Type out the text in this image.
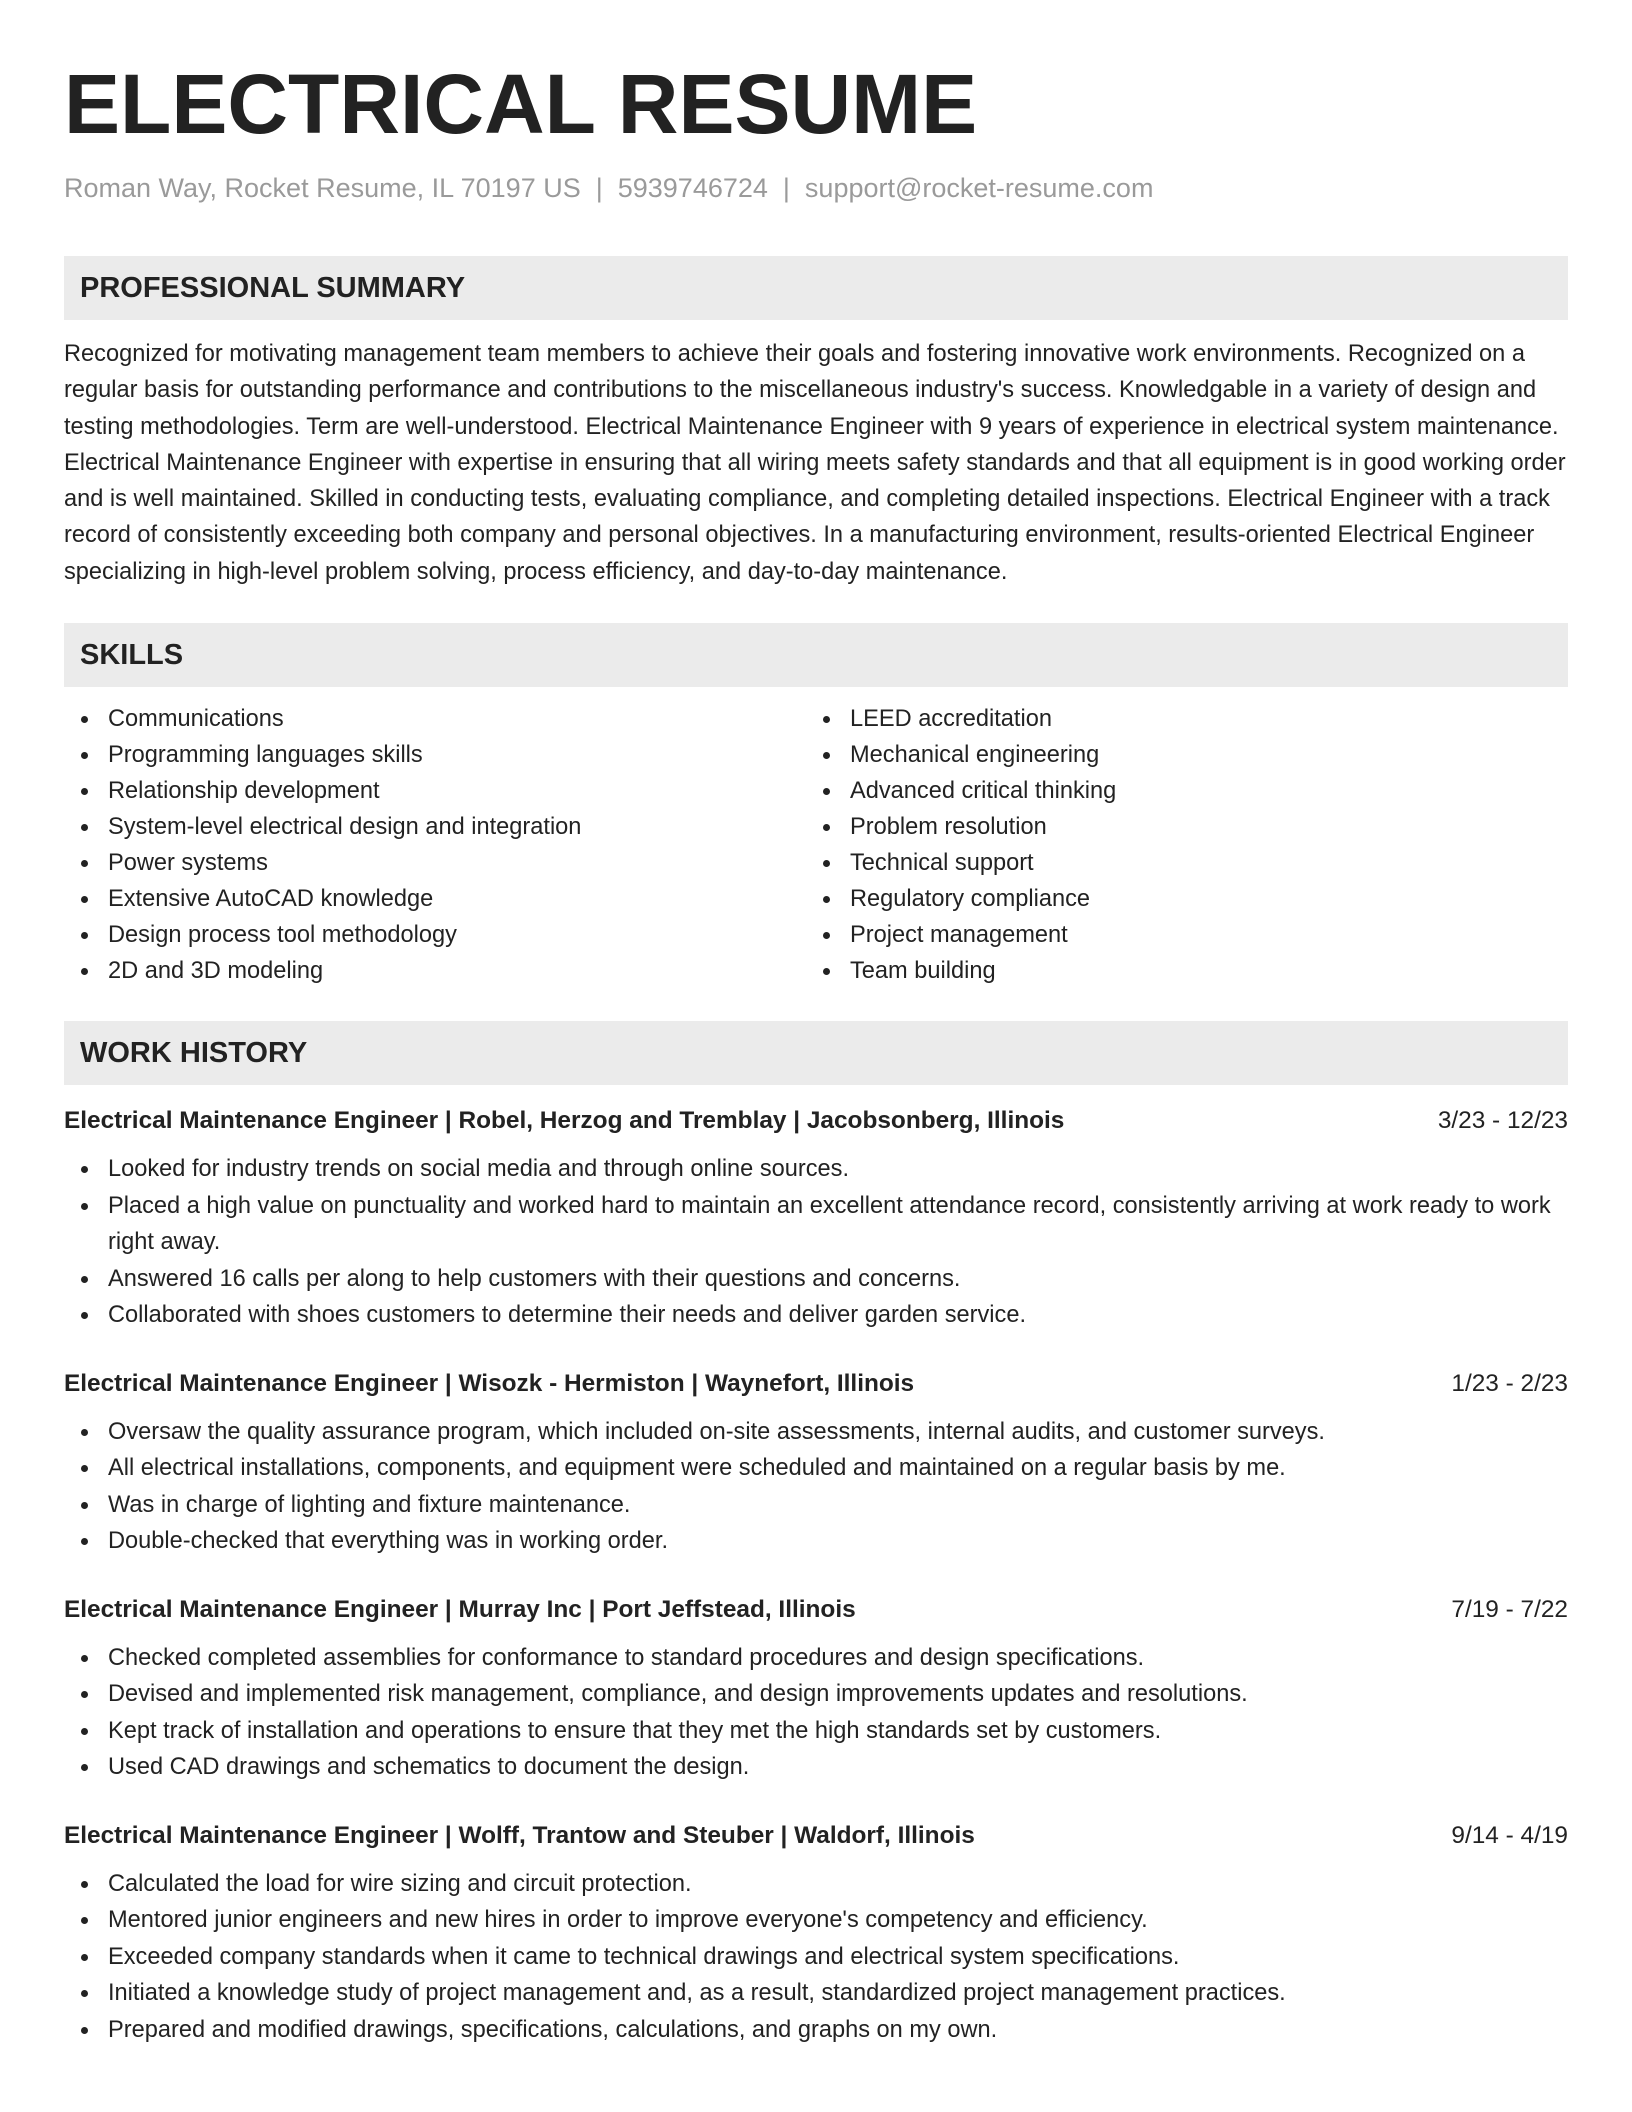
ELECTRICAL RESUME
Roman Way, Rocket Resume, IL 70197 US | 5939746724 | support@rocket-resume.com
PROFESSIONAL SUMMARY

Recognized for motivating management team members to achieve their goals and fostering innovative work environments. Recognized on a regular basis for outstanding performance and contributions to the miscellaneous industry's success. Knowledgable in a variety of design and testing methodologies. Term are well-understood. Electrical Maintenance Engineer with 9 years of experience in electrical system maintenance. Electrical Maintenance Engineer with expertise in ensuring that all wiring meets safety standards and that all equipment is in good working order and is well maintained. Skilled in conducting tests, evaluating compliance, and completing detailed inspections. Electrical Engineer with a track record of consistently exceeding both company and personal objectives. In a manufacturing environment, results-oriented Electrical Engineer specializing in high-level problem solving, process efficiency, and day-to-day maintenance.

SKILLS
Communications
Programming languages skills
Relationship development
System-level electrical design and integration
Power systems
Extensive AutoCAD knowledge
Design process tool methodology
2D and 3D modeling
LEED accreditation
Mechanical engineering
Advanced critical thinking
Problem resolution
Technical support
Regulatory compliance
Project management
Team building
WORK HISTORY
Electrical Maintenance Engineer | Robel, Herzog and Tremblay | Jacobsonberg, Illinois	3/23 - 12/23
Looked for industry trends on social media and through online sources.
Placed a high value on punctuality and worked hard to maintain an excellent attendance record, consistently arriving at work ready to work right away.
Answered 16 calls per along to help customers with their questions and concerns.
Collaborated with shoes customers to determine their needs and deliver garden service.
Electrical Maintenance Engineer | Wisozk - Hermiston | Waynefort, Illinois	1/23 - 2/23
Oversaw the quality assurance program, which included on-site assessments, internal audits, and customer surveys.
All electrical installations, components, and equipment were scheduled and maintained on a regular basis by me.
Was in charge of lighting and fixture maintenance.
Double-checked that everything was in working order.
Electrical Maintenance Engineer | Murray Inc | Port Jeffstead, Illinois	7/19 - 7/22
Checked completed assemblies for conformance to standard procedures and design specifications.
Devised and implemented risk management, compliance, and design improvements updates and resolutions.
Kept track of installation and operations to ensure that they met the high standards set by customers.
Used CAD drawings and schematics to document the design.
Electrical Maintenance Engineer | Wolff, Trantow and Steuber | Waldorf, Illinois	9/14 - 4/19
Calculated the load for wire sizing and circuit protection.
Mentored junior engineers and new hires in order to improve everyone's competency and efficiency.
Exceeded company standards when it came to technical drawings and electrical system specifications.
Initiated a knowledge study of project management and, as a result, standardized project management practices.
Prepared and modified drawings, specifications, calculations, and graphs on my own.
